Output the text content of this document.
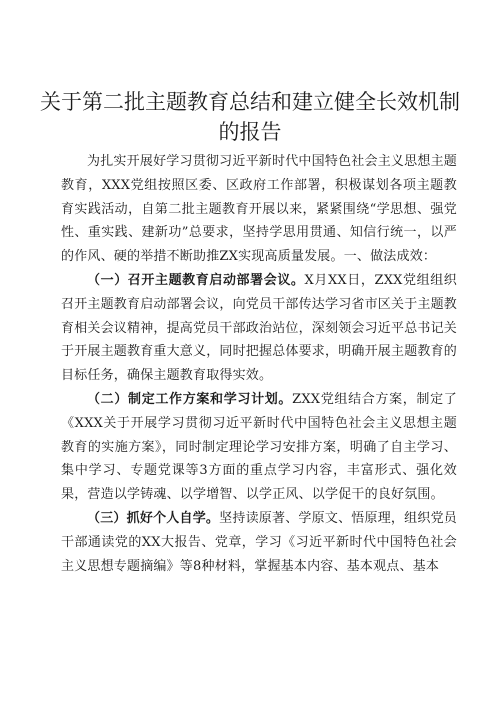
关于第二批主题教育总结和建立健全长效机制
的报告

为扎实开展好学习贯彻习近平新时代中国特色社会主义思想主题教育，XXX党组按照区委、区政府工作部署，积极谋划各项主题教育实践活动，自第二批主题教育开展以来，紧紧围绕“学思想、强党性、重实践、建新功”总要求，坚持学思用贯通、知信行统一，以严的作风、硬的举措不断助推ZX实现高质量发展。一、做法成效：

（一）召开主题教育启动部署会议。X月XX日，ZXX党组组织召开主题教育启动部署会议，向党员干部传达学习省市区关于主题教育相关会议精神，提高党员干部政治站位，深刻领会习近平总书记关于开展主题教育重大意义，同时把握总体要求，明确开展主题教育的目标任务，确保主题教育取得实效。

（二）制定工作方案和学习计划。ZXX党组结合方案，制定了《XXX关于开展学习贯彻习近平新时代中国特色社会主义思想主题教育的实施方案》，同时制定理论学习安排方案，明确了自主学习、集中学习、专题党课等3方面的重点学习内容，丰富形式、强化效果，营造以学铸魂、以学增智、以学正风、以学促干的良好氛围。

（三）抓好个人自学。坚持读原著、学原文、悟原理，组织党员干部通读党的XX大报告、党章，学习《习近平新时代中国特色社会主义思想专题摘编》等8种材料，掌握基本内容、基本观点、基本
